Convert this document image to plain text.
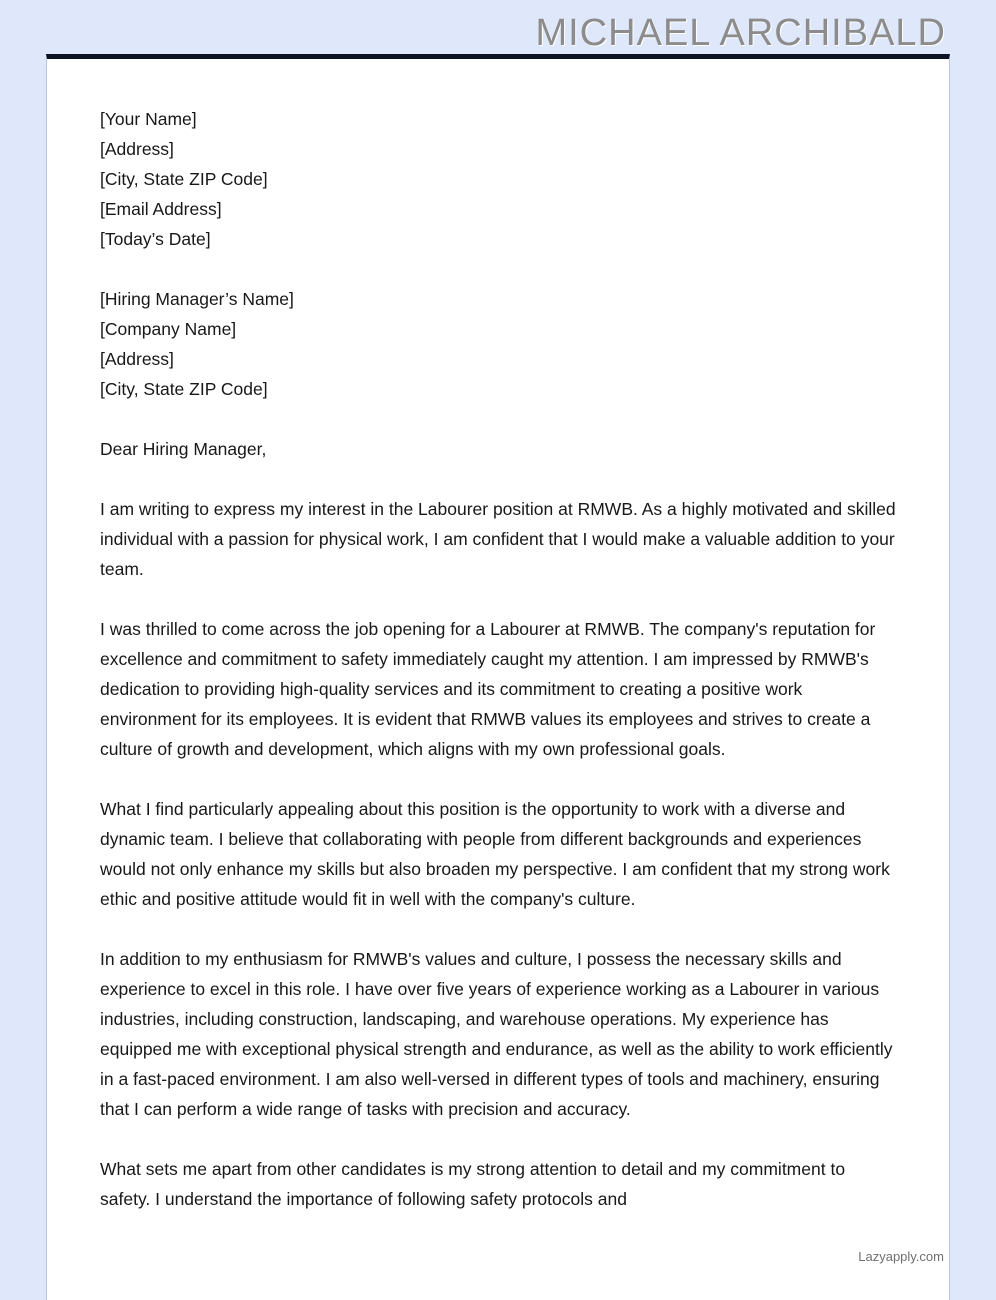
MICHAEL ARCHIBALD
[Your Name]
[Address]
[City, State ZIP Code]
[Email Address]
[Today’s Date]
[Hiring Manager’s Name]
[Company Name]
[Address]
[City, State ZIP Code]
Dear Hiring Manager,

I am writing to express my interest in the Labourer position at RMWB. As a highly motivated and skilled individual with a passion for physical work, I am confident that I would make a valuable addition to your team.

I was thrilled to come across the job opening for a Labourer at RMWB. The company's reputation for excellence and commitment to safety immediately caught my attention. I am impressed by RMWB's dedication to providing high-quality services and its commitment to creating a positive work environment for its employees. It is evident that RMWB values its employees and strives to create a culture of growth and development, which aligns with my own professional goals.

What I find particularly appealing about this position is the opportunity to work with a diverse and dynamic team. I believe that collaborating with people from different backgrounds and experiences would not only enhance my skills but also broaden my perspective. I am confident that my strong work ethic and positive attitude would fit in well with the company's culture.

In addition to my enthusiasm for RMWB's values and culture, I possess the necessary skills and experience to excel in this role. I have over five years of experience working as a Labourer in various industries, including construction, landscaping, and warehouse operations. My experience has equipped me with exceptional physical strength and endurance, as well as the ability to work efficiently in a fast-paced environment. I am also well-versed in different types of tools and machinery, ensuring that I can perform a wide range of tasks with precision and accuracy.

What sets me apart from other candidates is my strong attention to detail and my commitment to safety. I understand the importance of following safety protocols and

Lazyapply.com
